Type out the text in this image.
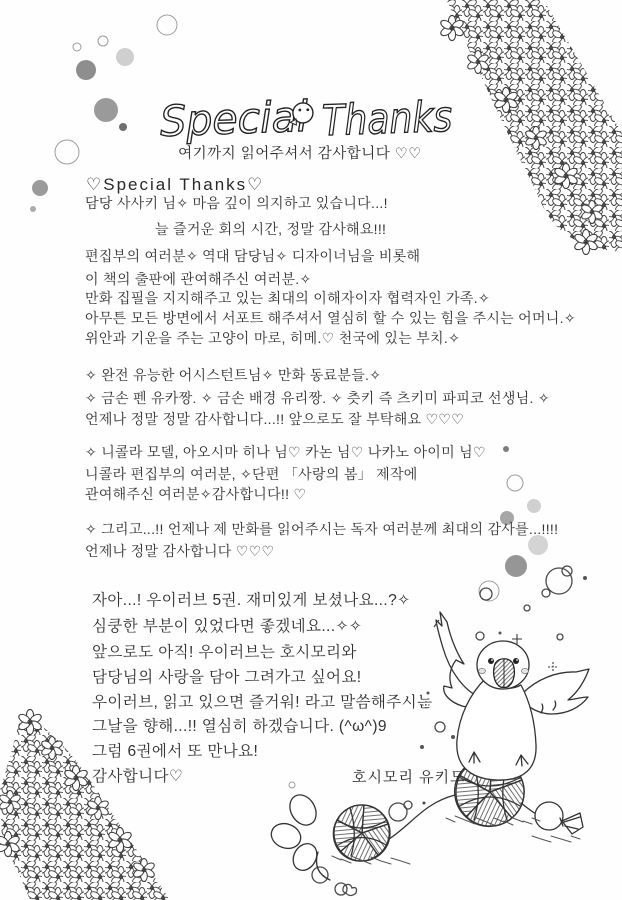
Special Thanks
여기까지 읽어주셔서 감사합니다 ♡♡
♡Special Thanks♡
담당 사사키 님✧ 마음 깊이 의지하고 있습니다...!
늘 즐거운 회의 시간, 정말 감사해요!!!
편집부의 여러분✧ 역대 담당님✧ 디자이너님을 비롯해
이 책의 출판에 관여해주신 여러분.✧
만화 집필을 지지해주고 있는 최대의 이해자이자 협력자인 가족.✧
아무튼 모든 방면에서 서포트 해주셔서 열심히 할 수 있는 힘을 주시는 어머니.✧
위안과 기운을 주는 고양이 마로, 히메.♡ 천국에 있는 부치.✧
✧ 완전 유능한 어시스턴트님✧ 만화 동료분들.✧
✧ 금손 펜 유카짱. ✧ 금손 배경 유리짱. ✧ 츳키 즉 츠키미 파피코 선생님. ✧
언제나 정말 정말 감사합니다...!! 앞으로도 잘 부탁해요 ♡♡♡
✧ 니콜라 모델, 아오시마 히나 님♡ 카논 님♡ 나카노 아이미 님♡
니콜라 편집부의 여러분, ✧단편 「사랑의 봄」 제작에
관여해주신 여러분✧감사합니다!! ♡
✧ 그리고...!! 언제나 제 만화를 읽어주시는 독자 여러분께 최대의 감사를...!!!!
언제나 정말 감사합니다 ♡♡♡
자아...! 우이러브 5권. 재미있게 보셨나요...?✧
심쿵한 부분이 있었다면 좋겠네요...✧✧
앞으로도 아직! 우이러브는 호시모리와
담당님의 사랑을 담아 그려가고 싶어요!
우이러브, 읽고 있으면 즐거워! 라고 말씀해주시는
그날을 향해...!! 열심히 하겠습니다. (^ω^)9
그럼 6권에서 또 만나요!
감사합니다♡	호시모리 유키모
